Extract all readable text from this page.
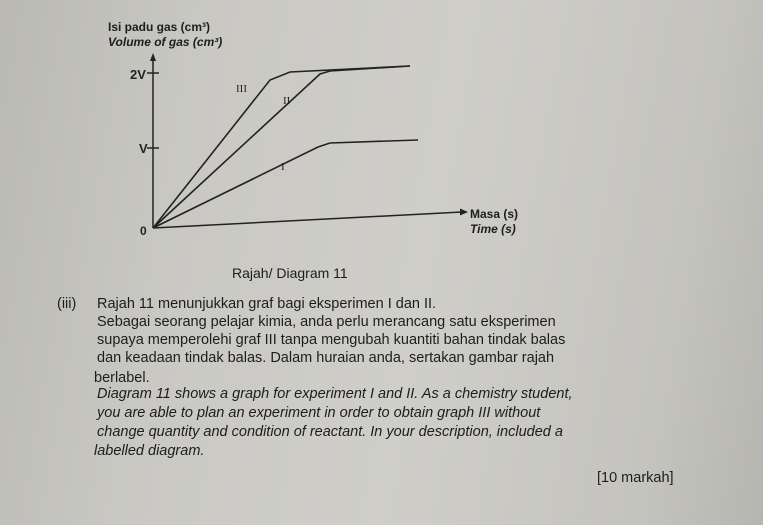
2V
V
0
III
II
I
Isi padu gas (cm³)
Volume of gas (cm³)
Masa (s)
Time (s)
Rajah/ Diagram 11
(iii) Rajah 11 menunjukkan graf bagi eksperimen I dan II.
Sebagai seorang pelajar kimia, anda perlu merancang satu eksperimen
supaya memperolehi graf III tanpa mengubah kuantiti bahan tindak balas
dan keadaan tindak balas. Dalam huraian anda, sertakan gambar rajah
berlabel.
Diagram 11 shows a graph for experiment I and II. As a chemistry student,
you are able to plan an experiment in order to obtain graph III without
change quantity and condition of reactant. In your description, included a
labelled diagram.
[10 markah]
